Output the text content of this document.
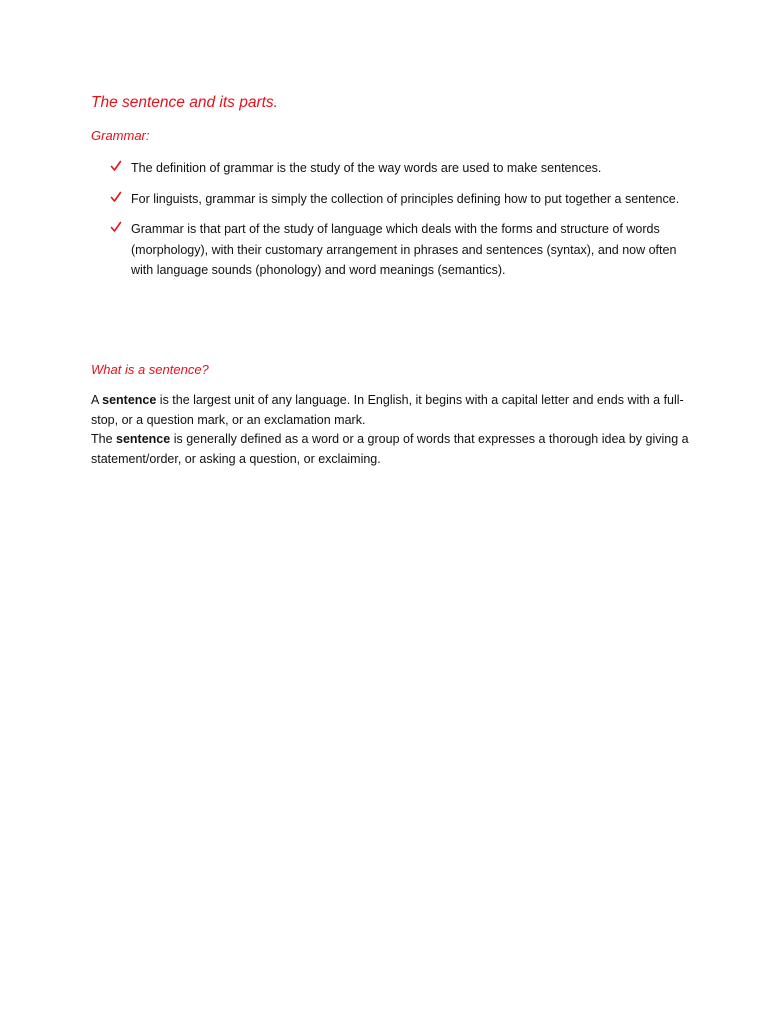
The sentence and its parts.
Grammar:
The definition of grammar is the study of the way words are used to make sentences.
For linguists, grammar is simply the collection of principles defining how to put together a sentence.
Grammar is that part of the study of language which deals with the forms and structure of words (morphology), with their customary arrangement in phrases and sentences (syntax), and now often with language sounds (phonology) and word meanings (semantics).
What is a sentence?

A sentence is the largest unit of any language. In English, it begins with a capital letter and ends with a full-stop, or a question mark, or an exclamation mark.

The sentence is generally defined as a word or a group of words that expresses a thorough idea by giving a statement/order, or asking a question, or exclaiming.
